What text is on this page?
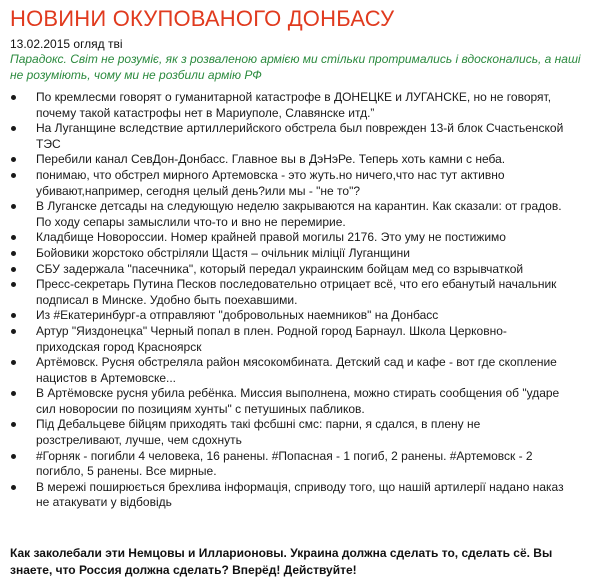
НОВИНИ ОКУПОВАНОГО ДОНБАСУ
13.02.2015 огляд тві
Парадокс. Світ не розуміє, як з розваленою армією ми стільки протримались і вдосконались, а наші не розуміють, чому ми не розбили армію РФ
По кремлесми говорят о гуманитарной катастрофе в ДОНЕЦКЕ и ЛУГАНСКЕ, но не говорят, почему такой катастрофы нет в Мариуполе, Славянске итд.”
На Луганщине вследствие артиллерийского обстрела был поврежден 13-й блок Счастьенской ТЭС
Перебили канал СевДон-Донбасс. Главное вы в ДэНэРе. Теперь хоть камни с неба.
понимаю, что обстрел мирного Артемовска - это жуть.но ничего,что нас тут активно убивают,например, сегодня целый день?или мы - "не то"?
В Луганске детсады на следующую неделю закрываются на карантин. Как сказали: от градов. По ходу сепары замыслили что-то и вно не перемирие.
Кладбище Новороссии. Номер крайней правой могилы 2176. Это уму не постижимо
Бойовики жорстоко обстріляли Щастя – очільник міліції Луганщини
СБУ задержала "пасечника", который передал украинским бойцам мед со взрывчаткой
Пресс-секретарь Путина Песков последовательно отрицает всё, что его ебанутый начальник подписал в Минске. Удобно быть поехавшими.
Из #Екатеринбург-а отправляют "добровольных наемников" на Донбасс
Артур "Яиздонецка" Черный попал в плен. Родной город Барнаул. Школа Церковно-приходская город Красноярск
Артёмовск. Русня обстреляла район мясокомбината. Детский сад и кафе - вот где скопление нацистов в Артемовске...
В Артёмовске русня убила ребёнка. Миссия выполнена, можно стирать сообщения об "ударе сил новоросии по позициям хунты" с петушиных пабликов.
Під Дебальцеве бійцям приходять такі фсбшні смс: парни, я сдался, в плену не розстреливают, лучше, чем сдохнуть
#Горняк - погибли 4 человека, 16 ранены. #Попасная - 1 погиб, 2 ранены. #Артемовск - 2 погибло, 5 ранены. Все мирные.
В мережі поширюється брехлива інформація, сприводу того, що нашій артилерії надано наказ не атакувати у відбовідь
Как заколебали эти Немцовы и Илларионовы. Украина должна сделать то, сделать сё. Вы знаете, что Россия должна сделать? Вперёд! Действуйте!
